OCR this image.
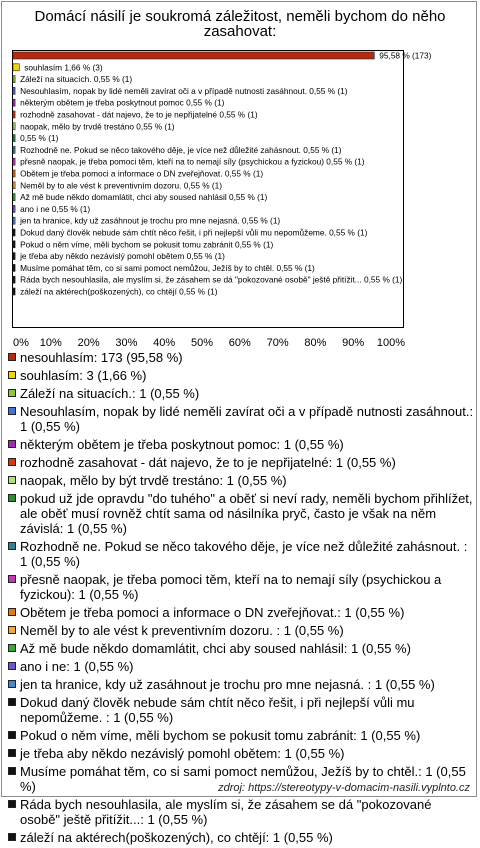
Domácí násilí je soukromá záležitost, neměli bychom do něho zasahovat:
95,58 % (173)
souhlasím 1,66 % (3)
Záleží na situacích. 0,55 % (1)
Nesouhlasím, nopak by lidé neměli zavírat oči a v případě nutnosti zasáhnout. 0,55 % (1)
některým obětem je třeba poskytnout pomoc 0,55 % (1)
rozhodně zasahovat - dát najevo, že to je nepřijatelné 0,55 % (1)
naopak, mělo by trvdě trestáno 0,55 % (1)
0,55 % (1)
Rozhodně ne. Pokud se něco takového děje, je více než důležité zahásnout. 0,55 % (1)
přesně naopak, je třeba pomoci těm, kteří na to nemají síly (psychickou a fyzickou) 0,55 % (1)
Obětem je třeba pomoci a informace o DN zveřejňovat. 0,55 % (1)
Neměl by to ale vést k preventivním dozoru. 0,55 % (1)
Až mě bude někdo domamlátit, chci aby soused nahlásil 0,55 % (1)
ano i ne 0,55 % (1)
jen ta hranice, kdy už zasáhnout je trochu pro mne nejasná. 0,55 % (1)
Dokud daný člověk nebude sám chtít něco řešit, i při nejlepší vůli mu nepomůžeme. 0,55 % (1)
Pokud o něm víme, měli bychom se pokusit tomu zabránit 0,55 % (1)
je třeba aby někdo nezávislý pomohl obětem 0,55 % (1)
Musíme pomáhat těm, co si sami pomoct nemůžou, Ježíš by to chtěl. 0,55 % (1)
Ráda bych nesouhlasila, ale myslím si, že zásahem se dá "pokozované osobě" ještě přitížit... 0,55 % (1)
záleží na aktérech(poškozených), co chtějí 0,55 % (1)
0% 10% 20% 30% 40% 50% 60% 70% 80% 90% 100%
nesouhlasím: 173 (95,58 %)
souhlasím: 3 (1,66 %)
Záleží na situacích.: 1 (0,55 %)
Nesouhlasím, nopak by lidé neměli zavírat oči a v případě nutnosti zasáhnout.: 1 (0,55 %)
některým obětem je třeba poskytnout pomoc: 1 (0,55 %)
rozhodně zasahovat - dát najevo, že to je nepřijatelné: 1 (0,55 %)
naopak, mělo by být trvdě trestáno: 1 (0,55 %)
pokud už jde opravdu "do tuhého" a oběť si neví rady, neměli bychom přihlížet, ale oběť musí rovněž chtít sama od násilníka pryč, často je však na něm závislá: 1 (0,55 %)
Rozhodně ne. Pokud se něco takového děje, je více než důležité zahásnout. : 1 (0,55 %)
přesně naopak, je třeba pomoci těm, kteří na to nemají síly (psychickou a fyzickou): 1 (0,55 %)
Obětem je třeba pomoci a informace o DN zveřejňovat.: 1 (0,55 %)
Neměl by to ale vést k preventivním dozoru. : 1 (0,55 %)
Až mě bude někdo domamlátit, chci aby soused nahlásil: 1 (0,55 %)
ano i ne: 1 (0,55 %)
jen ta hranice, kdy už zasáhnout je trochu pro mne nejasná. : 1 (0,55 %)
Dokud daný člověk nebude sám chtít něco řešit, i při nejlepší vůli mu nepomůžeme. : 1 (0,55 %)
Pokud o něm víme, měli bychom se pokusit tomu zabránit: 1 (0,55 %)
je třeba aby někdo nezávislý pomohl obětem: 1 (0,55 %)
Musíme pomáhat těm, co si sami pomoct nemůžou, Ježíš by to chtěl.: 1 (0,55 %)
Ráda bych nesouhlasila, ale myslím si, že zásahem se dá "pokozované osobě" ještě přitížit...: 1 (0,55 %)
záleží na aktérech(poškozených), co chtějí: 1 (0,55 %)
zdroj: https://stereotypy-v-domacim-nasili.vyplnto.cz
